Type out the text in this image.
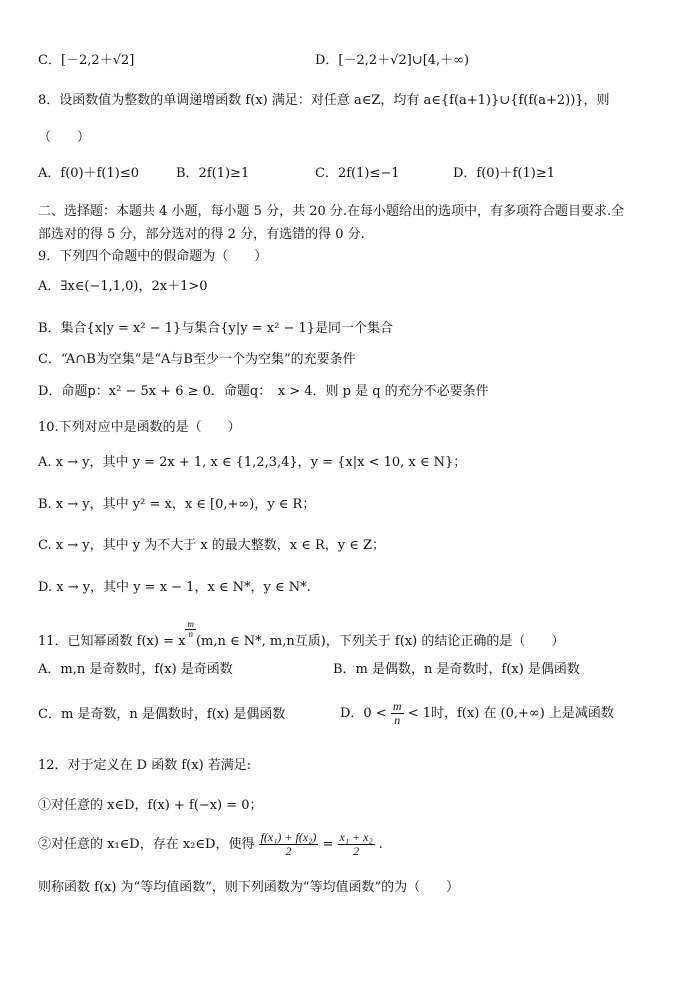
C．[－2,2＋√2]	D．[－2,2＋√2]∪[4,＋∞)
8．设函数值为整数的单调递增函数 f(x) 满足：对任意 a∈Z，均有 a∈{f(a+1)}∪{f(f(a+2))}，则
（　　）
A．f(0)＋f(1)≤0	B．2f(1)≥1	C．2f(1)≤−1	D．f(0)＋f(1)≥1
二、选择题：本题共 4 小题，每小题 5 分，共 20 分.在每小题给出的选项中，有多项符合题目要求.全
部选对的得 5 分，部分选对的得 2 分，有选错的得 0 分.
9．下列四个命题中的假命题为（　　）
A．∃x∈(−1,1,0)，2x＋1>0
B．集合{x|y = x² − 1}与集合{y|y = x² − 1}是同一个集合
C．“A∩B为空集”是“A与B至少一个为空集”的充要条件
D．命题p：x² − 5x + 6 ≥ 0．命题q：　x > 4．则 p 是 q 的充分不必要条件
10.下列对应中是函数的是（　　）
A. x → y，其中 y = 2x + 1, x ∈ {1,2,3,4}，y = {x|x < 10, x ∈ N}；
B. x → y，其中 y² = x，x ∈ [0,+∞)，y ∈ R；
C. x → y，其中 y 为不大于 x 的最大整数，x ∈ R，y ∈ Z；
D. x → y，其中 y = x − 1，x ∈ N*，y ∈ N*.
11．已知幂函数 f(x) = x
$^{\frac{m}{n}}$
(m,n ∈ N*, m,n互质)，下列关于 f(x) 的结论正确的是（　　）
A．m,n 是奇数时，f(x) 是奇函数	B．m 是偶数，n 是奇数时，f(x) 是偶函数
C．m 是奇数，n 是偶数时，f(x) 是偶函数	D．$0 < \frac{m}{n} < 1$时，f(x) 在 (0,+∞) 上是减函数
12．对于定义在 D 函数 f(x) 若满足:
①对任意的 x∈D，f(x) + f(−x) = 0；
②对任意的 x₁∈D，存在 x₂∈D，使得 $\frac{\text{f(x₁) + f(x₂)}}{2} = \frac{\text{x₁ + x₂}}{2}$ .
则称函数 f(x) 为“等均值函数”，则下列函数为“等均值函数”的为（　　）
